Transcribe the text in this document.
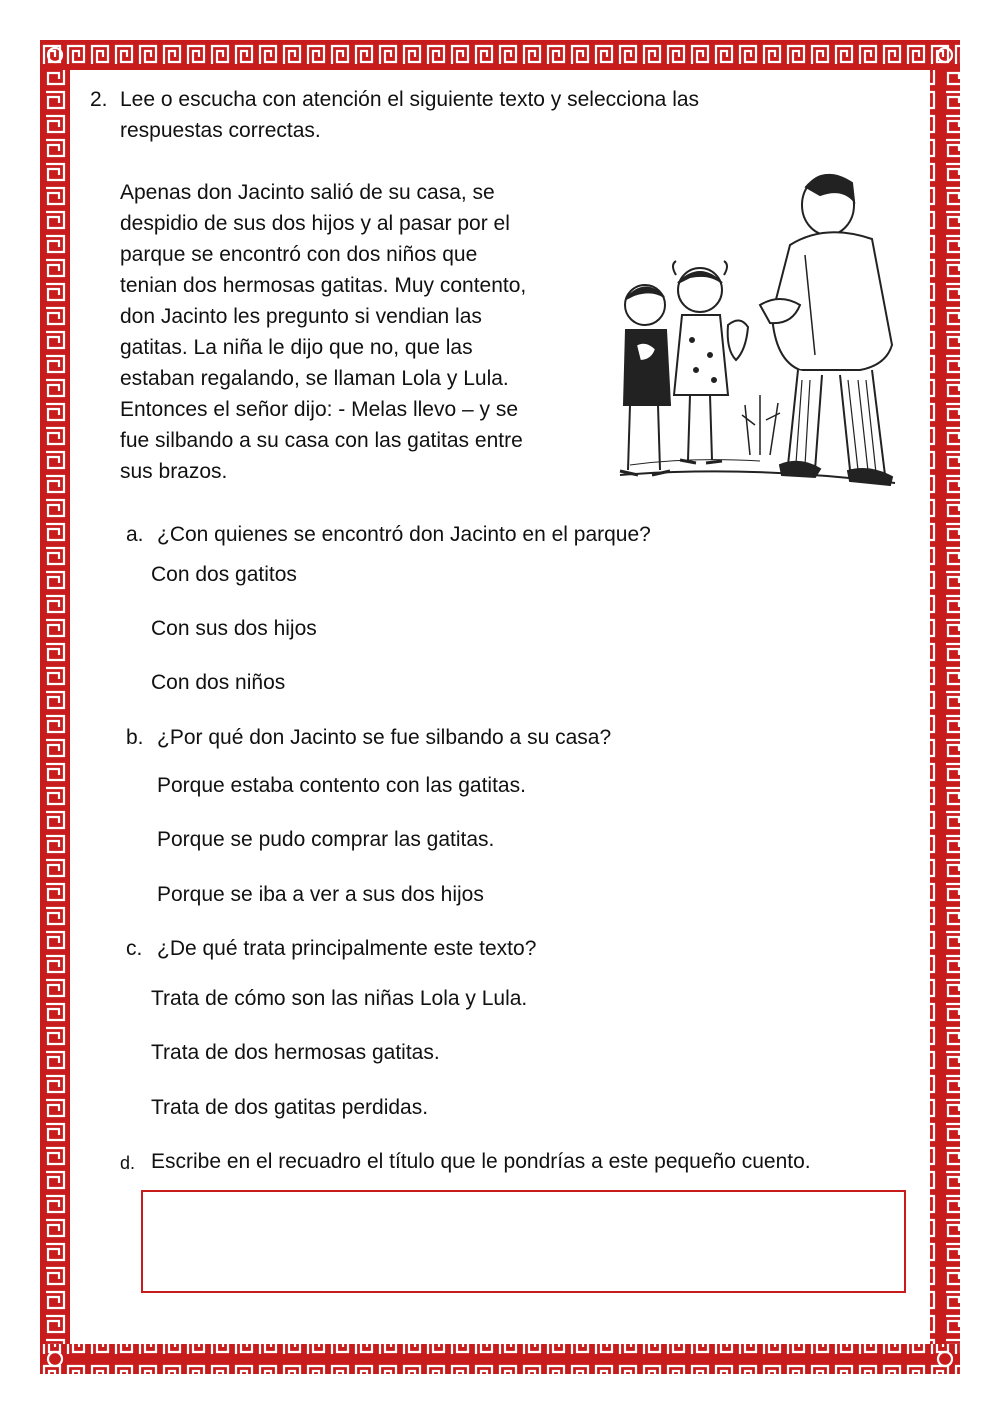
2. Lee o escucha con atención el siguiente texto y selecciona las
respuestas correctas.
Apenas don Jacinto salió de su casa, se
despidio de sus dos hijos y al pasar por el
parque se encontró con dos niños que
tenian dos hermosas gatitas. Muy contento,
don Jacinto les pregunto si vendian las
gatitas. La niña le dijo que no, que las
estaban regalando, se llaman Lola y Lula.
Entonces el señor dijo: - Melas llevo – y se
fue silbando a su casa con las gatitas entre
sus brazos.
a. ¿Con quienes se encontró don Jacinto en el parque?
Con dos gatitos
Con sus dos hijos
Con dos niños
b. ¿Por qué don Jacinto se fue silbando a su casa?
Porque estaba contento con las gatitas.
Porque se pudo comprar las gatitas.
Porque se iba a ver a sus dos hijos
c. ¿De qué trata principalmente este texto?
Trata de cómo son las niñas Lola y Lula.
Trata de dos hermosas gatitas.
Trata de dos gatitas perdidas.
d. Escribe en el recuadro el título que le pondrías a este pequeño cuento.
